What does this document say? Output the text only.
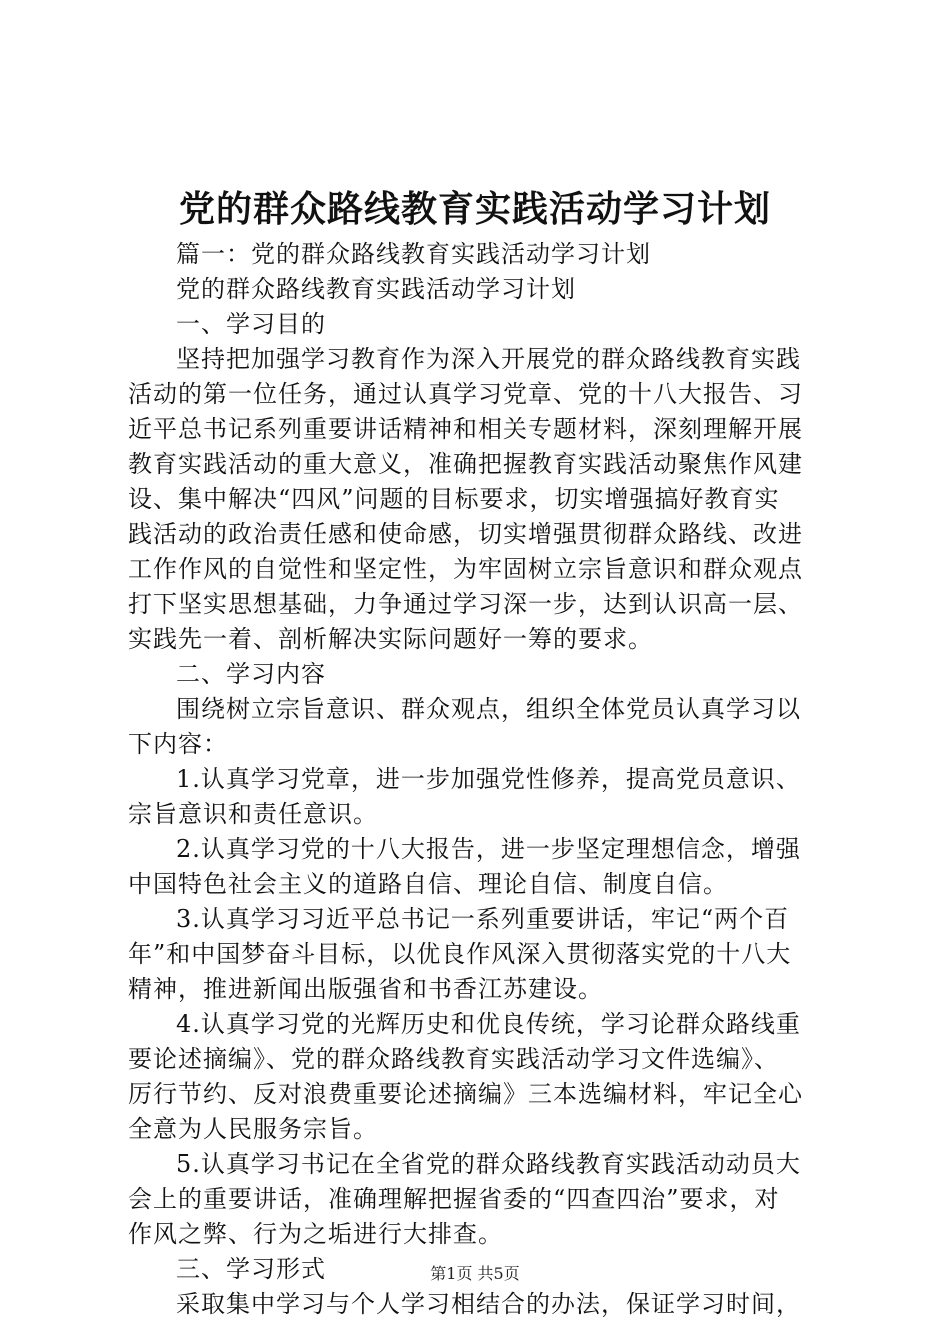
党的群众路线教育实践活动学习计划

篇一：党的群众路线教育实践活动学习计划

党的群众路线教育实践活动学习计划

一、学习目的

坚持把加强学习教育作为深入开展党的群众路线教育实践

活动的第一位任务，通过认真学习党章、党的十八大报告、习

近平总书记系列重要讲话精神和相关专题材料，深刻理解开展

教育实践活动的重大意义，准确把握教育实践活动聚焦作风建

设、集中解决“四风”问题的目标要求，切实增强搞好教育实

践活动的政治责任感和使命感，切实增强贯彻群众路线、改进

工作作风的自觉性和坚定性，为牢固树立宗旨意识和群众观点

打下坚实思想基础，力争通过学习深一步，达到认识高一层、

实践先一着、剖析解决实际问题好一筹的要求。

二、学习内容

围绕树立宗旨意识、群众观点，组织全体党员认真学习以

下内容：

1.认真学习党章，进一步加强党性修养，提高党员意识、

宗旨意识和责任意识。

2.认真学习党的十八大报告，进一步坚定理想信念，增强

中国特色社会主义的道路自信、理论自信、制度自信。

3.认真学习习近平总书记一系列重要讲话，牢记“两个百

年”和中国梦奋斗目标，以优良作风深入贯彻落实党的十八大

精神，推进新闻出版强省和书香江苏建设。

4.认真学习党的光辉历史和优良传统，学习论群众路线重

要论述摘编》、党的群众路线教育实践活动学习文件选编》、

厉行节约、反对浪费重要论述摘编》三本选编材料，牢记全心

全意为人民服务宗旨。

5.认真学习书记在全省党的群众路线教育实践活动动员大

会上的重要讲话，准确理解把握省委的“四查四治”要求，对

作风之弊、行为之垢进行大排查。

三、学习形式

采取集中学习与个人学习相结合的办法，保证学习时间，

第1页 共5页
